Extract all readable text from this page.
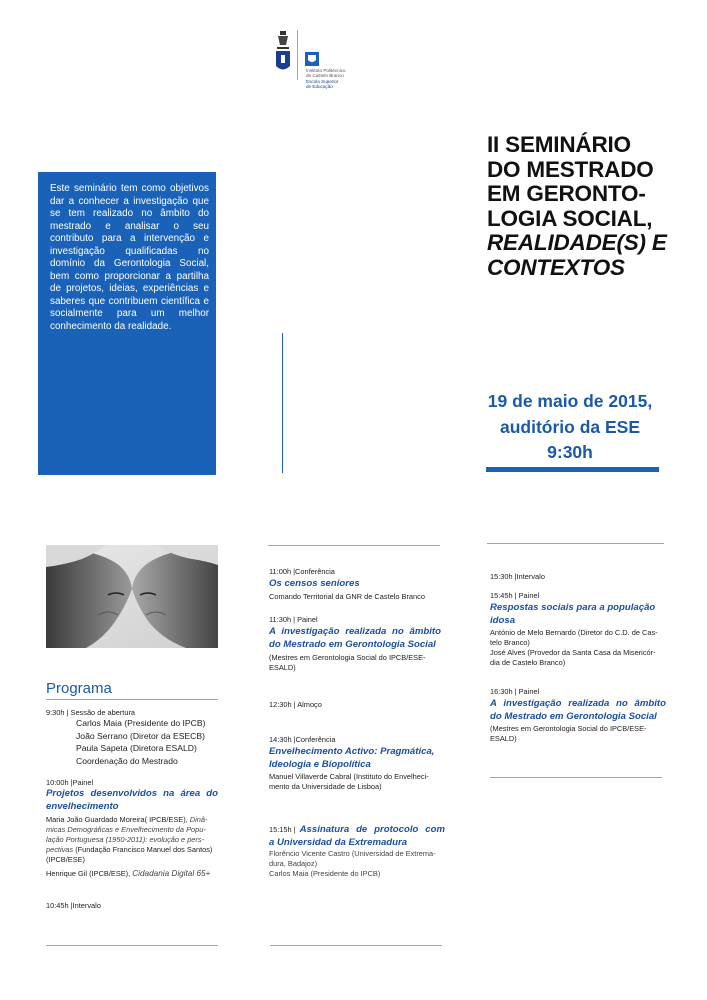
Instituto Politécnico
de Castelo Branco
Escola Superior
de Educação
II SEMINÁRIO
DO MESTRADO
EM GERONTO-
LOGIA SOCIAL,
REALIDADE(S) E
CONTEXTOS
19 de maio de 2015,
auditório da ESE
9:30h
Este seminário tem como objetivos dar a conhecer a investigação que se tem realizado no âmbito do mestrado e analisar o seu contributo para a intervenção e investigação qualificadas no domínio da Gerontologia Social, bem como proporcionar a partilha de projetos, ideias, experiências e saberes que contribuem científica e socialmente para um melhor conhecimento da realidade.
Programa
9:30h | Sessão de abertura
Carlos Maia (Presidente do IPCB)
João Serrano (Diretor da ESECB)
Paula Sapeta (Diretora ESALD)
Coordenação do Mestrado
10:00h |Painel
Projetos desenvolvidos na área do
envelhecimento
Maria João Guardado Moreira( IPCB/ESE), Dinâ-
micas Demográficas e Envelhecimento da Popu-
lação Portuguesa (1950-2011): evolução e pers-
pectivas (Fundação Francisco Manuel dos Santos)
(IPCB/ESE)
Henrique Gil (IPCB/ESE), Cidadania Digital 65+
10:45h |Intervalo
11:00h |Conferência
Os censos seniores
Comando Territorial da GNR de Castelo Branco
11:30h | Painel
A investigação realizada no âmbito
do Mestrado em Gerontologia Social
(Mestres em Gerontologia Social do IPCB/ESE-
ESALD)
12:30h | Almoço
14:30h |Conferência
Envelhecimento Activo: Pragmática,
Ideologia e Biopolítica
Manuel Villaverde Cabral (Instituto do Envelheci-
mento da Universidade de Lisboa)
15:15h | Assinatura de protocolo com
a Universidad da Extremadura
Florêncio Vicente Castro (Universidad de Extrema-
dura, Badajoz)
Carlos Maia (Presidente do IPCB)
15:30h |Intervalo
15:45h | Painel
Respostas sociais para a população
idosa
António de Melo Bernardo (Diretor do C.D. de Cas-
telo Branco)
José Alves (Provedor da Santa Casa da Misericór-
dia de Castelo Branco)
16:30h | Painel
A investigação realizada no âmbito
do Mestrado em Gerontologia Social
(Mestres em Gerontologia Social do IPCB/ESE-
ESALD)
